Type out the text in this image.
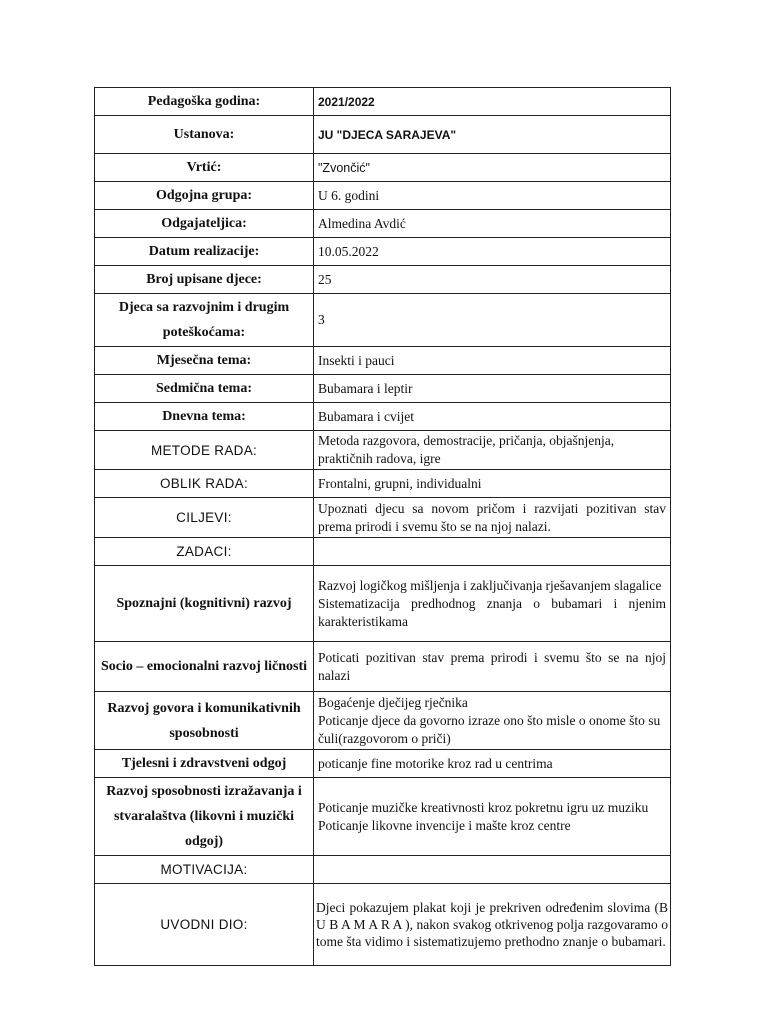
Pedagoška godina:	2021/2022
Ustanova:	JU "DJECA SARAJEVA"
Vrtić:	"Zvončić"
Odgojna grupa:	U 6. godini
Odgajateljica:	Almedina Avdić
Datum realizacije:	10.05.2022
Broj upisane djece:	25
Djeca sa razvojnim i drugim poteškoćama:	3
Mjesečna tema:	Insekti i pauci
Sedmična tema:	Bubamara i leptir
Dnevna tema:	Bubamara i cvijet
METODE RADA:	Metoda razgovora, demostracije, pričanja, objašnjenja, praktičnih radova, igre
OBLIK RADA:	Frontalni, grupni, individualni
CILJEVI:	Upoznati djecu sa novom pričom i razvijati pozitivan stav prema prirodi i svemu što se na njoj nalazi.
ZADACI:	
Spoznajni (kognitivni) razvoj	Razvoj logičkog mišljenja i zaključivanja rješavanjem slagalice
Sistematizacija predhodnog znanja o bubamari i njenim karakteristikama

Socio – emocionalni razvoj ličnosti	Poticati pozitivan stav prema prirodi i svemu što se na njoj nalazi
Razvoj govora i komunikativnih sposobnosti	Bogaćenje dječijeg rječnika
Poticanje djece da govorno izraze ono što misle o onome što su čuli(razgovorom o priči)

Tjelesni i zdravstveni odgoj	poticanje fine motorike kroz rad u centrima
Razvoj sposobnosti izražavanja i stvaralaštva (likovni i muzički odgoj)	Poticanje muzičke kreativnosti kroz pokretnu igru uz muziku
Poticanje likovne invencije i mašte kroz centre

MOTIVACIJA:	
UVODNI DIO:	Djeci pokazujem plakat koji je prekriven određenim slovima (B U B A M A R A ), nakon svakog otkrivenog polja razgovaramo o tome šta vidimo i sistematizujemo prethodno znanje o bubamari.
